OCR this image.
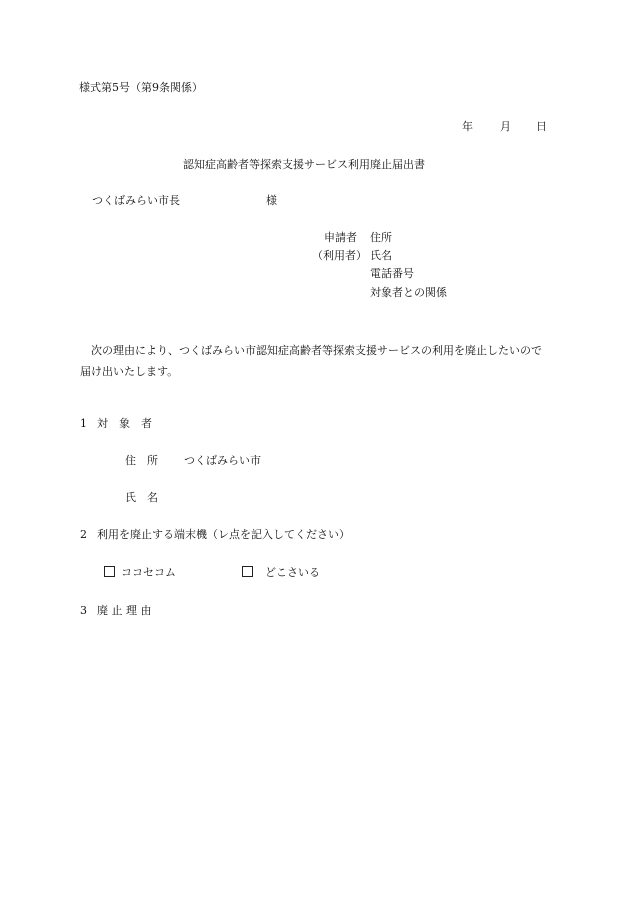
様式第5号（第9条関係）
年 月 日
認知症高齢者等探索支援サービス利用廃止届出書
つくばみらい市長	様
申請者
（利用者）
住所
氏名
電話番号
対象者との関係
次の理由により、つくばみらい市認知症高齢者等探索支援サービスの利用を廃止したいので届け出いたします。
1 対　象　者
住　所 つくばみらい市
氏　名
2 利用を廃止する端末機（レ点を記入してください）
ココセコム	どこさいる
3 廃 止 理 由
